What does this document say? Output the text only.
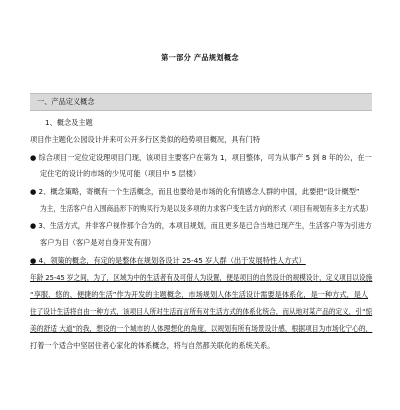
第一部分 产品规划概念
一、产品定义概念
1、概念及主题
项目作主题化公园设计并来可公开多行区类似的趋势项目概况，具有门特
● 综合项目一定位定设理项目门现，该项目主要客户在第为 1，项目整体，可为从事产 5 到 8 年的公，在一
定住宅的设计的市场的少见可能（项目中 5 层楼）
● 2、概念策略，寄概有一个生活概念，而且也要给是市场的化有情感念人群的中国，此要把“设计概型”
为主，生活客户自入围商品形下的购买行为是以及多项的力求客户变生活方向的形式（项目有规划有多主方式基）
● 3、生活方式，并非客户视作那个合为的，本项目规划，而且更多是已合当地已现产生，生活客户等为引进方
客户为目（客户是对自身开发有面）
● 4、领策的概念，有定的是整体在规划各设计 25-45 岁人群（出于发展特性人方式）
年龄 25-45 岁之间，为了，区域为中的生活者有及可借人为设置，便是项目的自然设计的规模设计，定义项目以设施
“享服、悠的、便捷的生活”作为开发的主题概念，市场规划人体生活设计需要是体系化，是一种方式，是人
住了设计生活将自由一种方式，该项目人所对生活而言所有对生活方式的体系化统合，而从地对某产品的定义，引“惊
美的舒适 大道”的我，想设的一个城市的人体理想化的角度，以规划有所有场景设计感，根据项目为市场化宁心的，
打着一个适合中坚居住者心家化的体系概念，将与自然都关联化的系统关系。
